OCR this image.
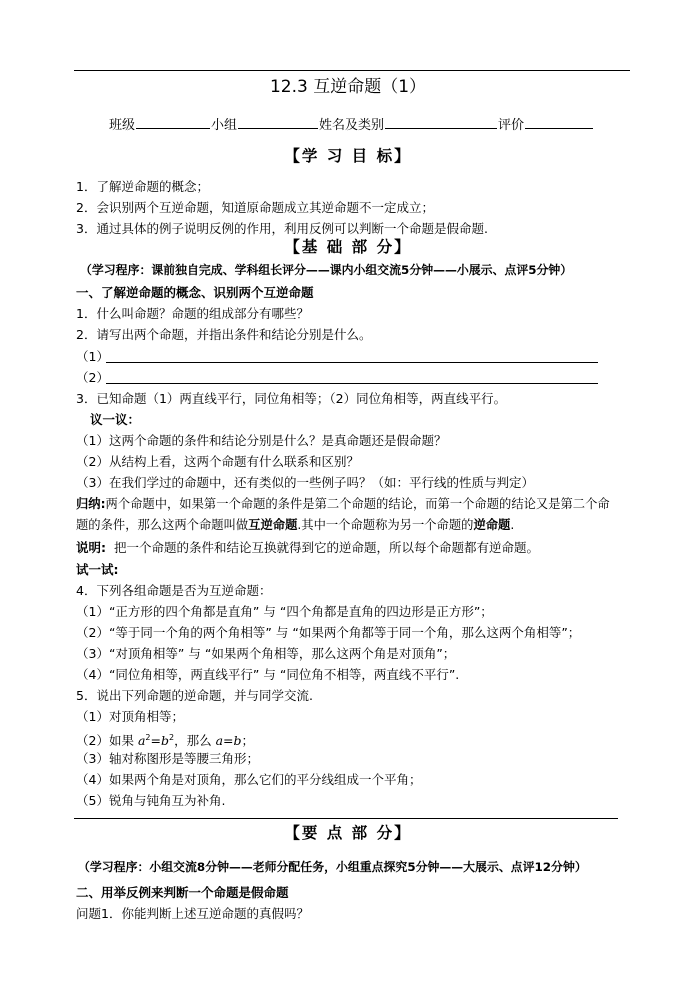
12.3 互逆命题（1）
班级	小组	姓名及类别	评价
【学 习 目 标】
1．了解逆命题的概念；
2．会识别两个互逆命题，知道原命题成立其逆命题不一定成立；
3．通过具体的例子说明反例的作用，利用反例可以判断一个命题是假命题.
【基 础 部 分】
（学习程序：课前独自完成、学科组长评分——课内小组交流5分钟——小展示、点评5分钟）
一、了解逆命题的概念、识别两个互逆命题
1．什么叫命题？命题的组成部分有哪些？
2．请写出两个命题，并指出条件和结论分别是什么。
（1）
（2）
3．已知命题（1）两直线平行，同位角相等；（2）同位角相等，两直线平行。
议一议：
（1）这两个命题的条件和结论分别是什么？是真命题还是假命题？
（2）从结构上看，这两个命题有什么联系和区别？
（3）在我们学过的命题中，还有类似的一些例子吗？（如：平行线的性质与判定）
归纳:两个命题中，如果第一个命题的条件是第二个命题的结论，而第一个命题的结论又是第二个命
题的条件，那么这两个命题叫做互逆命题.其中一个命题称为另一个命题的逆命题.
说明: 把一个命题的条件和结论互换就得到它的逆命题，所以每个命题都有逆命题。
试一试:
4．下列各组命题是否为互逆命题：
（1）“正方形的四个角都是直角” 与 “四个角都是直角的四边形是正方形”；
（2）“等于同一个角的两个角相等” 与 “如果两个角都等于同一个角，那么这两个角相等”；
（3）“对顶角相等” 与 “如果两个角相等，那么这两个角是对顶角”；
（4）“同位角相等，两直线平行” 与 “同位角不相等，两直线不平行”.
5．说出下列命题的逆命题，并与同学交流.
（1）对顶角相等；
（2）如果 $a^2=b^2$，那么 a=b；
（3）轴对称图形是等腰三角形；
（4）如果两个角是对顶角，那么它们的平分线组成一个平角；
（5）锐角与钝角互为补角.
【要 点 部 分】
（学习程序：小组交流8分钟——老师分配任务，小组重点探究5分钟——大展示、点评12分钟）
二、用举反例来判断一个命题是假命题
问题1．你能判断上述互逆命题的真假吗？
